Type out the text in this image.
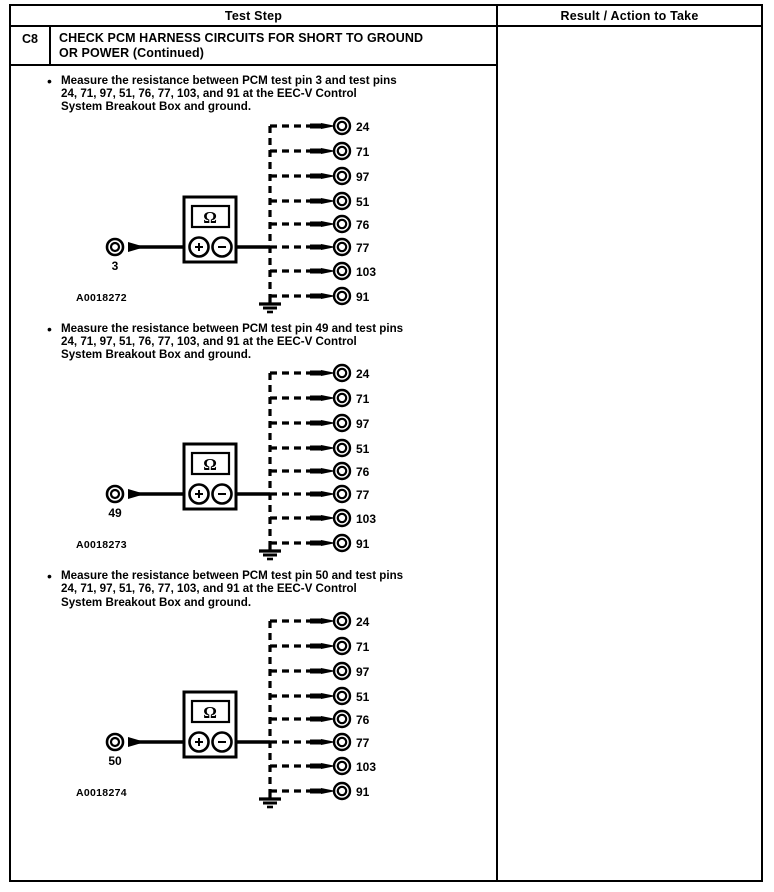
Test Step	Result / Action to Take
C8 CHECK PCM HARNESS CIRCUITS FOR SHORT TO GROUND
OR POWER (Continued)
• Measure the resistance between PCM test pin 3 and test pins
24, 71, 97, 51, 76, 77, 103, and 91 at the EEC-V Control
System Breakout Box and ground.
24
71
97
51
76
77
103
91
Ω
3
A0018272
• Measure the resistance between PCM test pin 49 and test pins
24, 71, 97, 51, 76, 77, 103, and 91 at the EEC-V Control
System Breakout Box and ground.
24
71
97
51
76
77
103
91
Ω
49
A0018273
• Measure the resistance between PCM test pin 50 and test pins
24, 71, 97, 51, 76, 77, 103, and 91 at the EEC-V Control
System Breakout Box and ground.
24
71
97
51
76
77
103
91
Ω
50
A0018274
